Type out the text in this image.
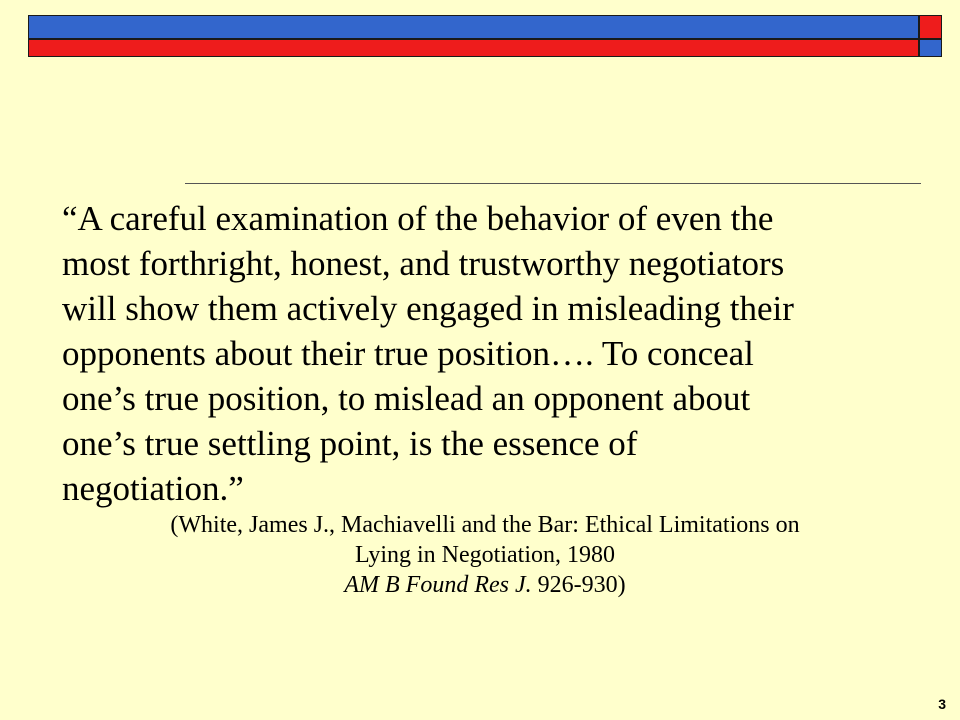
“A careful examination of the behavior of even the
most forthright, honest, and trustworthy negotiators
will show them actively engaged in misleading their
opponents about their true position…. To conceal
one’s true position, to mislead an opponent about
one’s true settling point, is the essence of
negotiation.”

(White, James J., Machiavelli and the Bar: Ethical Limitations on
Lying in Negotiation, 1980
AM B Found Res J. 926-930)
3
